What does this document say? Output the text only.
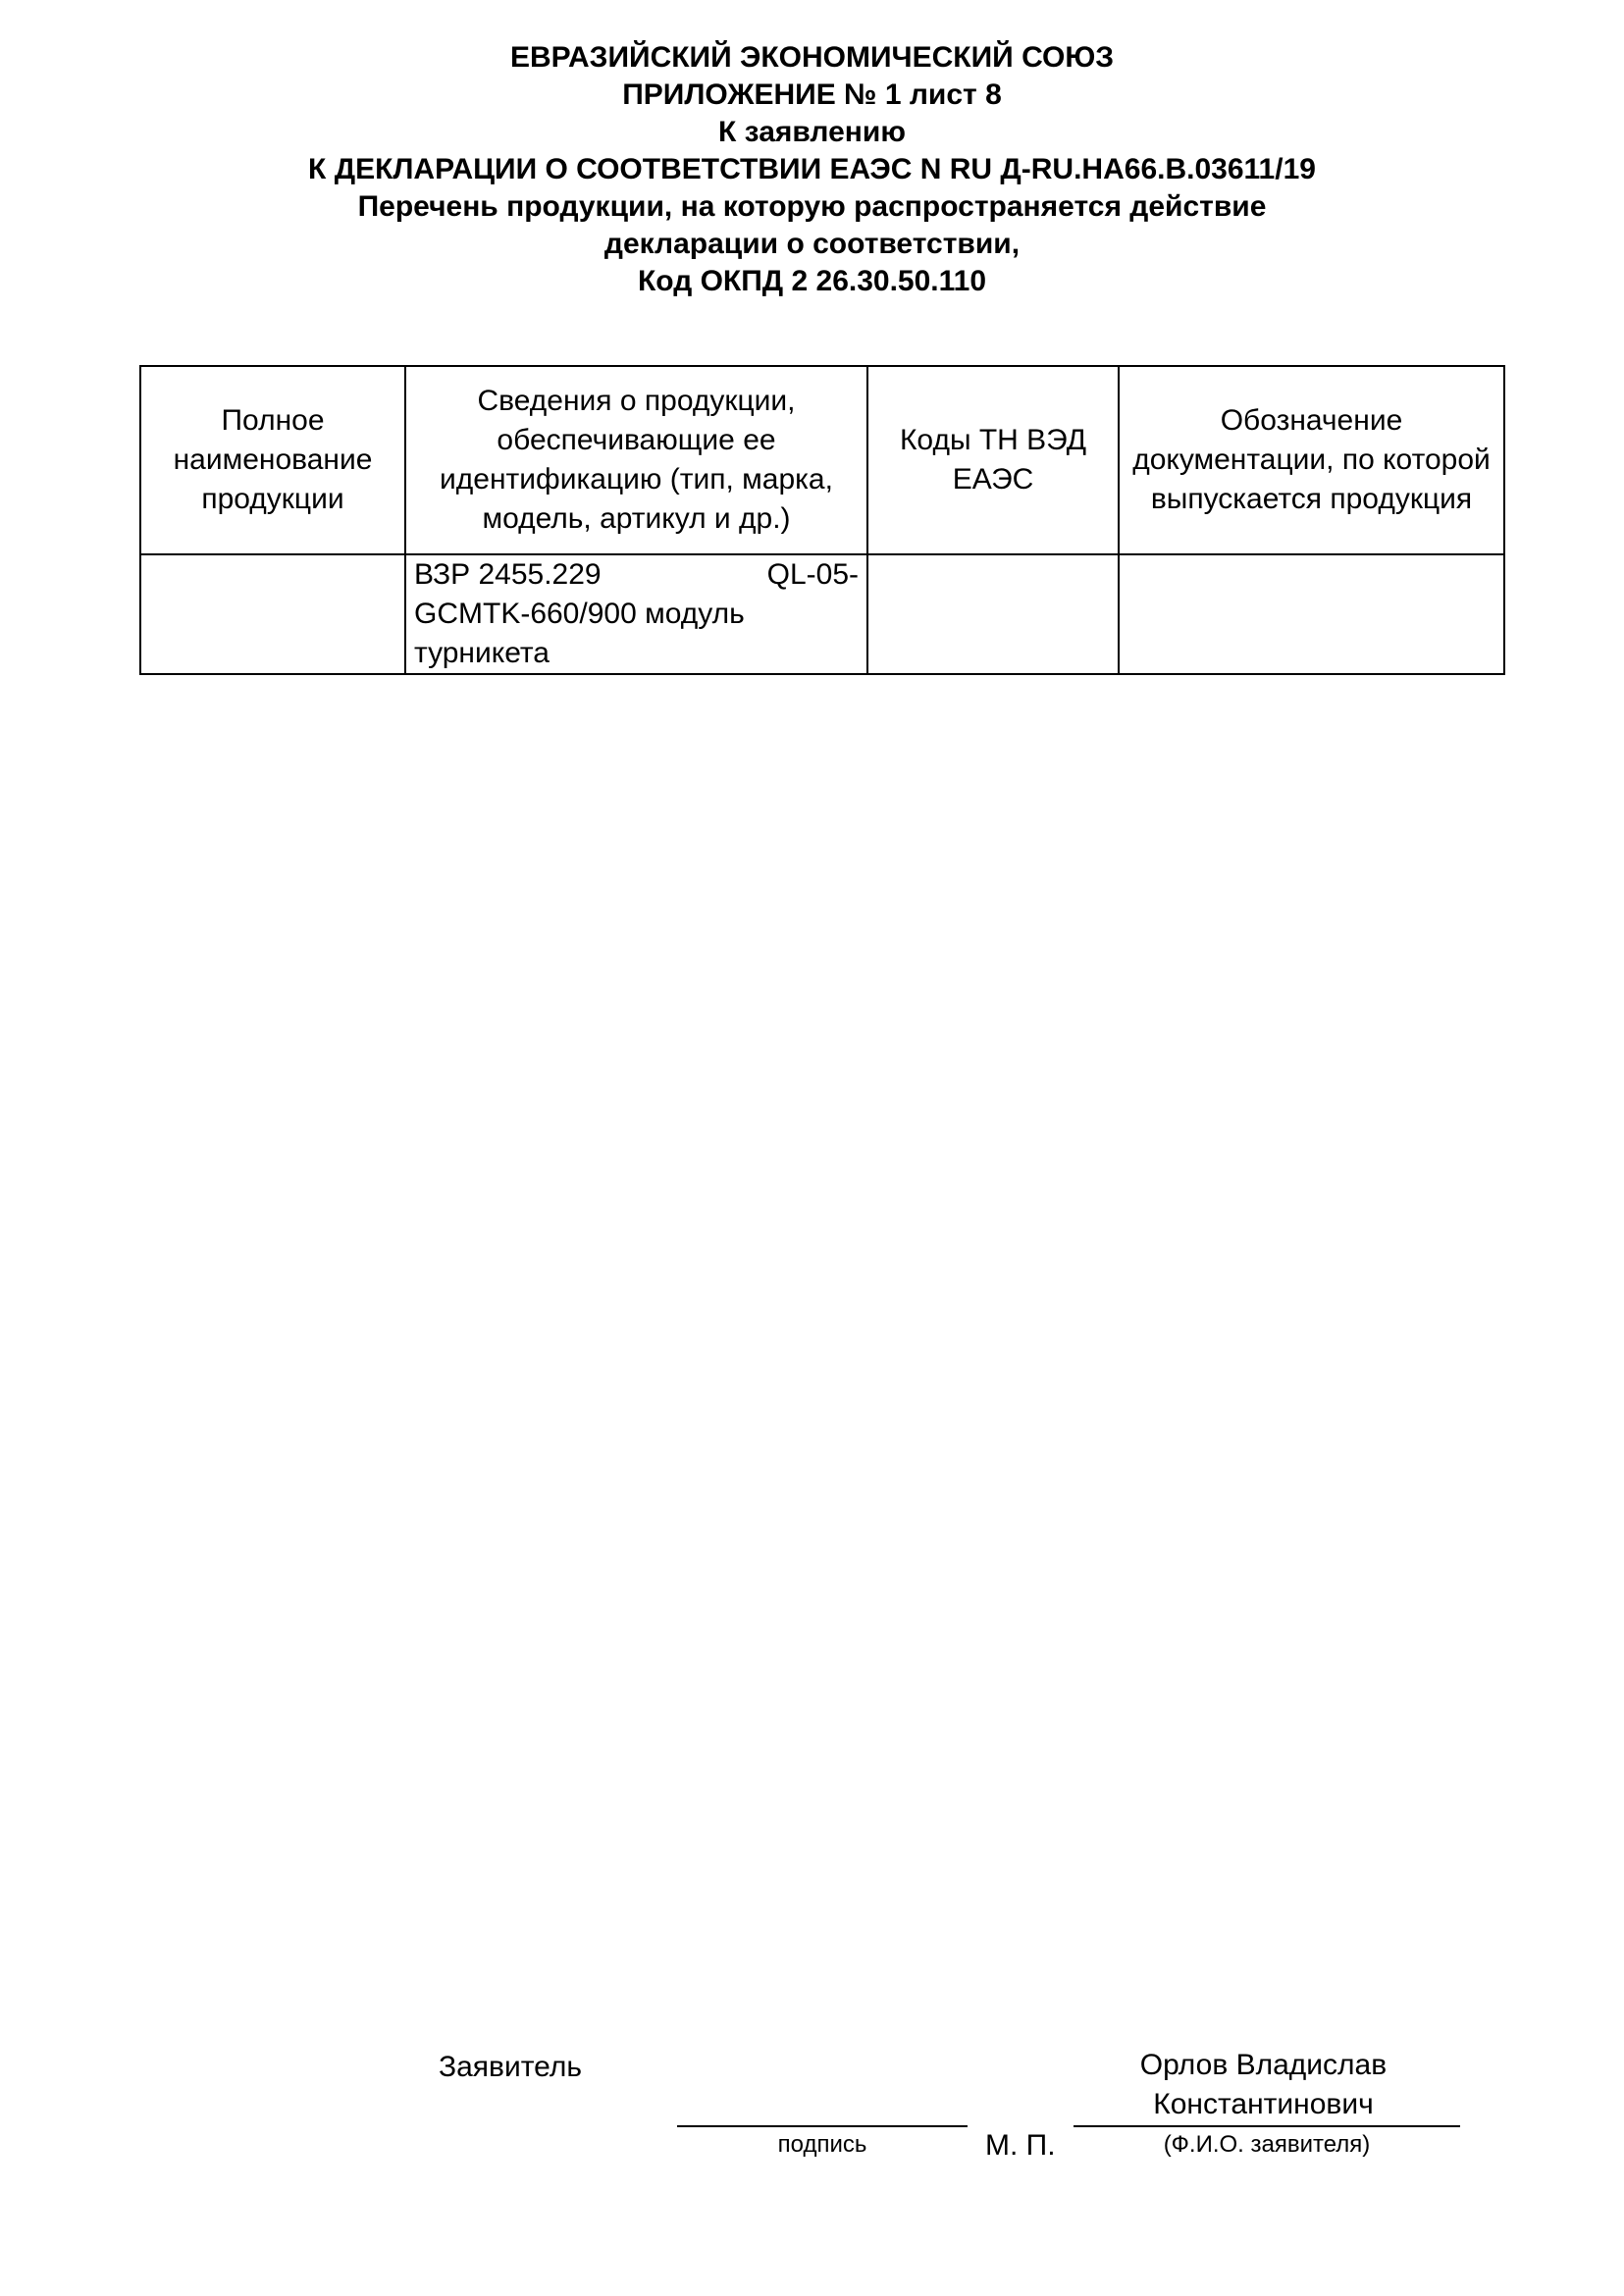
ЕВРАЗИЙСКИЙ ЭКОНОМИЧЕСКИЙ СОЮЗ
ПРИЛОЖЕНИЕ № 1 лист 8
К заявлению
К ДЕКЛАРАЦИИ О СООТВЕТСТВИИ ЕАЭС N RU Д-RU.НА66.В.03611/19
Перечень продукции, на которую распространяется действие
декларации о соответствии,
Код ОКПД 2 26.30.50.110
Полное наименование продукции	Сведения о продукции, обеспечивающие ее идентификацию (тип, марка, модель, артикул и др.)	Коды ТН ВЭД ЕАЭС	Обозначение документации, по которой выпускается продукция

	ВЗР 2455.229 QL-05-
GCMTK-660/900 модуль турникета		

Заявитель	Орлов Владислав
Константинович
подпись	М. П.	(Ф.И.О. заявителя)
